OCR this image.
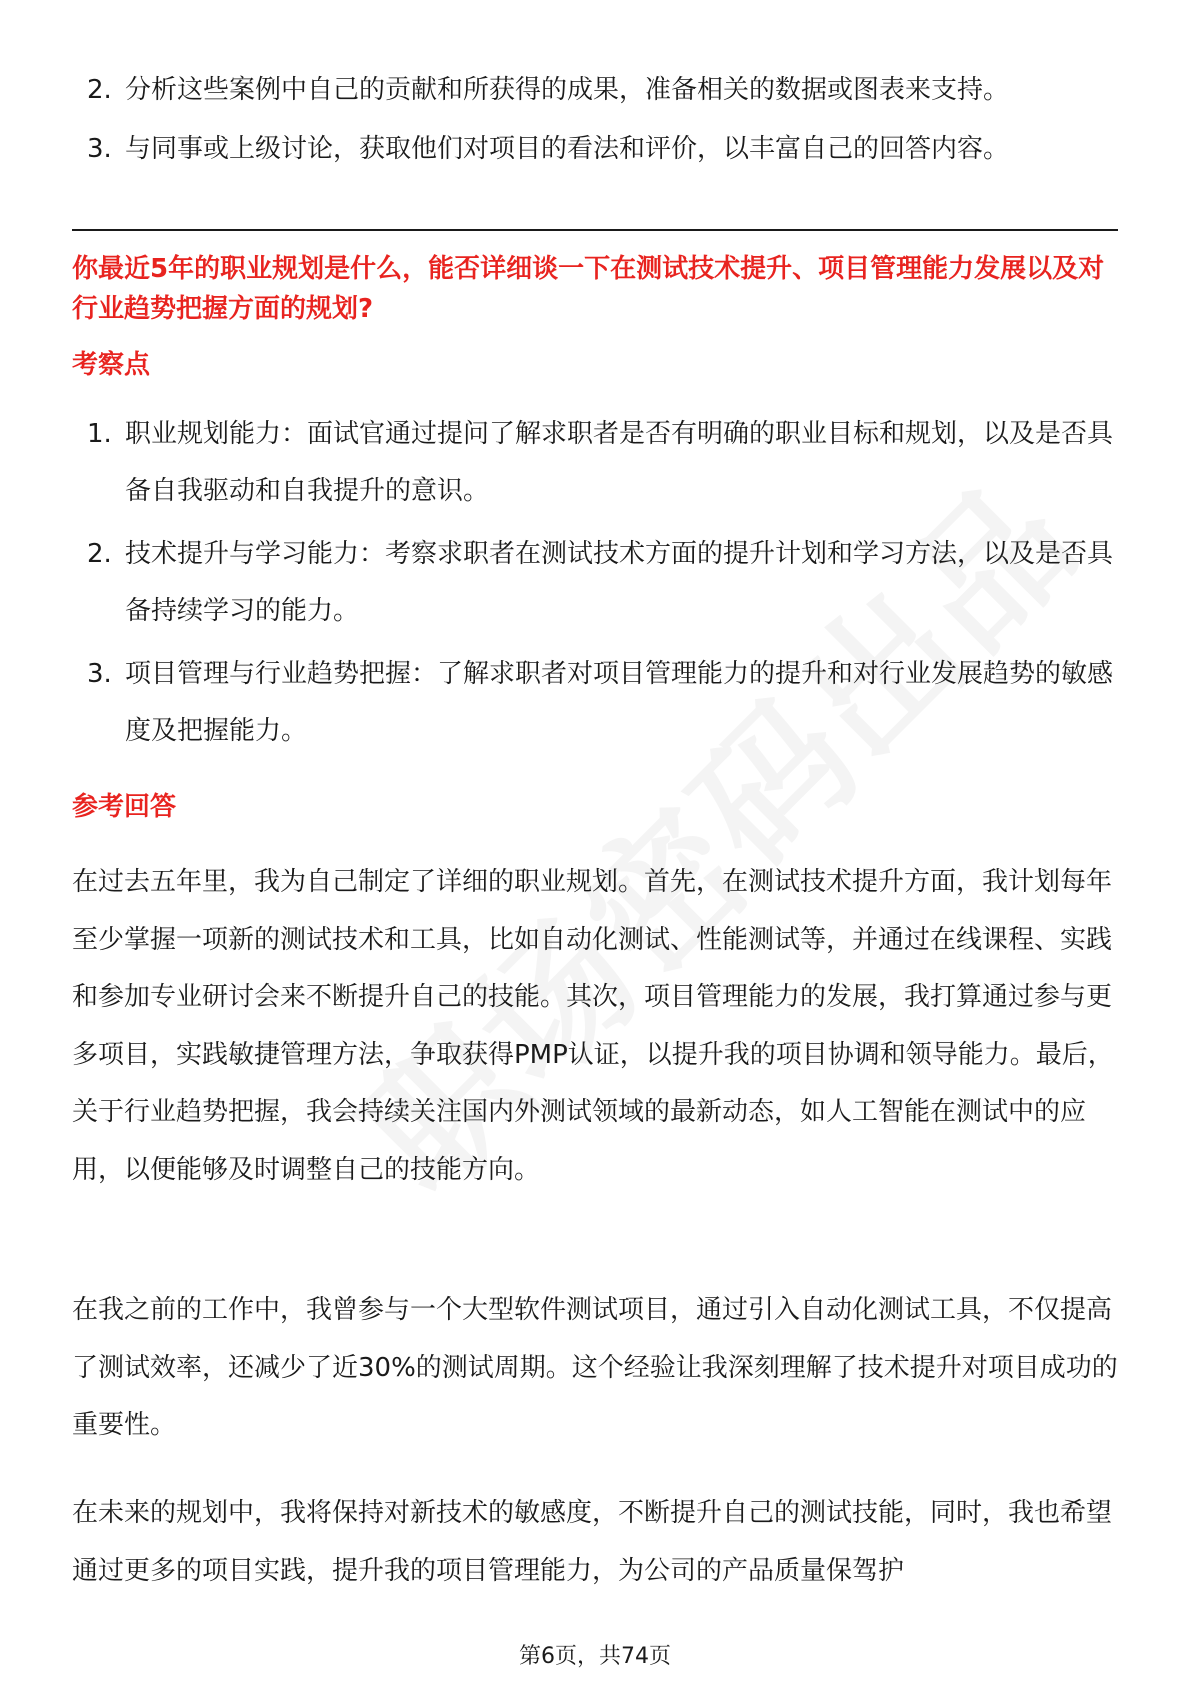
2. 分析这些案例中自己的贡献和所获得的成果，准备相关的数据或图表来支持。
3. 与同事或上级讨论，获取他们对项目的看法和评价，以丰富自己的回答内容。
你最近5年的职业规划是什么，能否详细谈一下在测试技术提升、项目管理能力发展以及对行业趋势把握方面的规划?
考察点
1. 职业规划能力：面试官通过提问了解求职者是否有明确的职业目标和规划，以及是否具备自我驱动和自我提升的意识。
2. 技术提升与学习能力：考察求职者在测试技术方面的提升计划和学习方法，以及是否具备持续学习的能力。
3. 项目管理与行业趋势把握：了解求职者对项目管理能力的提升和对行业发展趋势的敏感度及把握能力。
参考回答

在过去五年里，我为自己制定了详细的职业规划。首先，在测试技术提升方面，我计划每年至少掌握一项新的测试技术和工具，比如自动化测试、性能测试等，并通过在线课程、实践和参加专业研讨会来不断提升自己的技能。其次，项目管理能力的发展，我打算通过参与更多项目，实践敏捷管理方法，争取获得PMP认证，以提升我的项目协调和领导能力。最后，关于行业趋势把握，我会持续关注国内外测试领域的最新动态，如人工智能在测试中的应用，以便能够及时调整自己的技能方向。

在我之前的工作中，我曾参与一个大型软件测试项目，通过引入自动化测试工具，不仅提高了测试效率，还减少了近30%的测试周期。这个经验让我深刻理解了技术提升对项目成功的重要性。

在未来的规划中，我将保持对新技术的敏感度，不断提升自己的测试技能，同时，我也希望通过更多的项目实践，提升我的项目管理能力，为公司的产品质量保驾护

第6页，共74页
